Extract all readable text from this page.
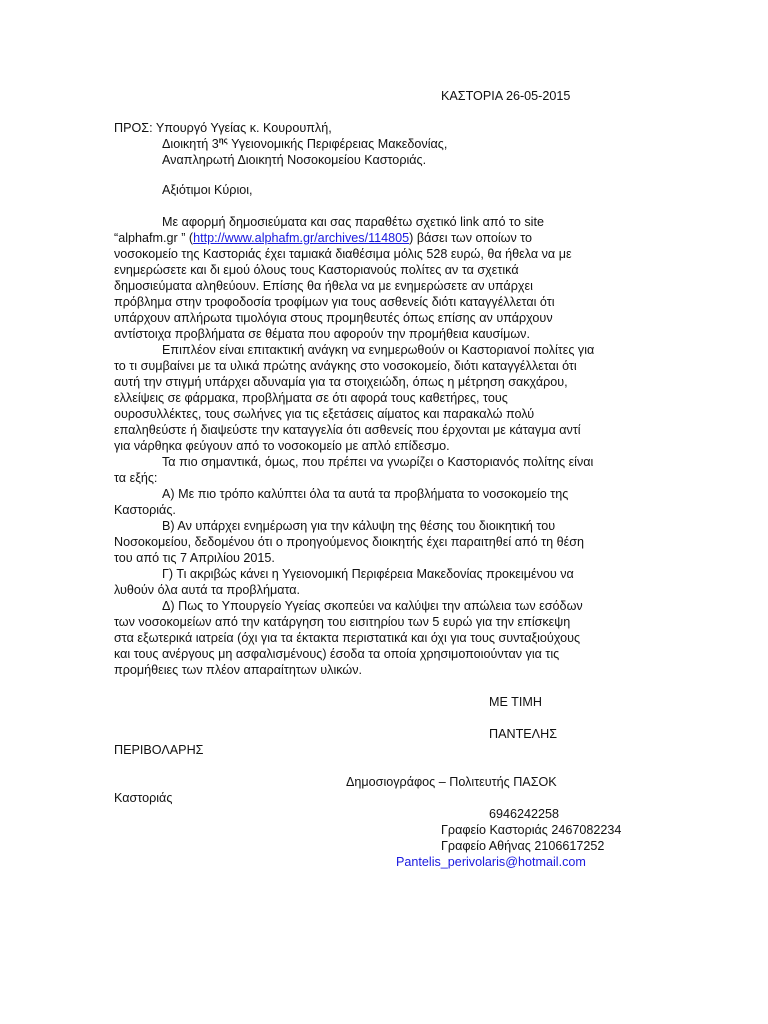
ΚΑΣΤΟΡΙΑ 26-05-2015

ΠΡΟΣ: Υπουργό Υγείας κ. Κουρουπλή,

Διοικητή $3^{\eta\varsigma}$ Υγειονομικής Περιφέρειας Μακεδονίας,

Αναπληρωτή Διοικητή Νοσοκομείου Καστοριάς.

Αξιότιμοι Κύριοι,

Με αφορμή δημοσιεύματα και σας παραθέτω σχετικό link από το site

“alphafm.gr ” (http://www.alphafm.gr/archives/114805) βάσει των οποίων το

νοσοκομείο της Καστοριάς έχει ταμιακά διαθέσιμα μόλις 528 ευρώ, θα ήθελα να με

ενημερώσετε και δι εμού όλους τους Καστοριανούς πολίτες αν τα σχετικά

δημοσιεύματα αληθεύουν. Επίσης θα ήθελα να με ενημερώσετε αν υπάρχει

πρόβλημα στην τροφοδοσία τροφίμων για τους ασθενείς διότι καταγγέλλεται ότι

υπάρχουν απλήρωτα τιμολόγια στους προμηθευτές όπως επίσης αν υπάρχουν

αντίστοιχα προβλήματα σε θέματα που αφορούν την προμήθεια καυσίμων.

Επιπλέον είναι επιτακτική ανάγκη να ενημερωθούν οι Καστοριανοί πολίτες για

το τι συμβαίνει με τα υλικά πρώτης ανάγκης στο νοσοκομείο, διότι καταγγέλλεται ότι

αυτή την στιγμή υπάρχει αδυναμία για τα στοιχειώδη, όπως η μέτρηση σακχάρου,

ελλείψεις σε φάρμακα, προβλήματα σε ότι αφορά τους καθετήρες, τους

ουροσυλλέκτες, τους σωλήνες για τις εξετάσεις αίματος και παρακαλώ πολύ

επαληθεύστε ή διαψεύστε την καταγγελία ότι ασθενείς που έρχονται με κάταγμα αντί

για νάρθηκα φεύγουν από το νοσοκομείο με απλό επίδεσμο.

Τα πιο σημαντικά, όμως, που πρέπει να γνωρίζει ο Καστοριανός πολίτης είναι

τα εξής:

Α) Με πιο τρόπο καλύπτει όλα τα αυτά τα προβλήματα το νοσοκομείο της

Καστοριάς.

Β) Αν υπάρχει ενημέρωση για την κάλυψη της θέσης του διοικητική του

Νοσοκομείου, δεδομένου ότι ο προηγούμενος διοικητής έχει παραιτηθεί από τη θέση

του από τις 7 Απριλίου 2015.

Γ) Τι ακριβώς κάνει η Υγειονομική Περιφέρεια Μακεδονίας προκειμένου να

λυθούν όλα αυτά τα προβλήματα.

Δ) Πως το Υπουργείο Υγείας σκοπεύει να καλύψει την απώλεια των εσόδων

των νοσοκομείων από την κατάργηση του εισιτηρίου των 5 ευρώ για την επίσκεψη

στα εξωτερικά ιατρεία (όχι για τα έκτακτα περιστατικά και όχι για τους συνταξιούχους

και τους ανέργους μη ασφαλισμένους) έσοδα τα οποία χρησιμοποιούνταν για τις

προμήθειες των πλέον απαραίτητων υλικών.

ΜΕ ΤΙΜΗ

ΠΑΝΤΕΛΗΣ

ΠΕΡΙΒΟΛΑΡΗΣ

Δημοσιογράφος – Πολιτευτής ΠΑΣΟΚ

Καστοριάς

6946242258

Γραφείο Καστοριάς 2467082234

Γραφείο Αθήνας 2106617252

Pantelis_perivolaris@hotmail.com
